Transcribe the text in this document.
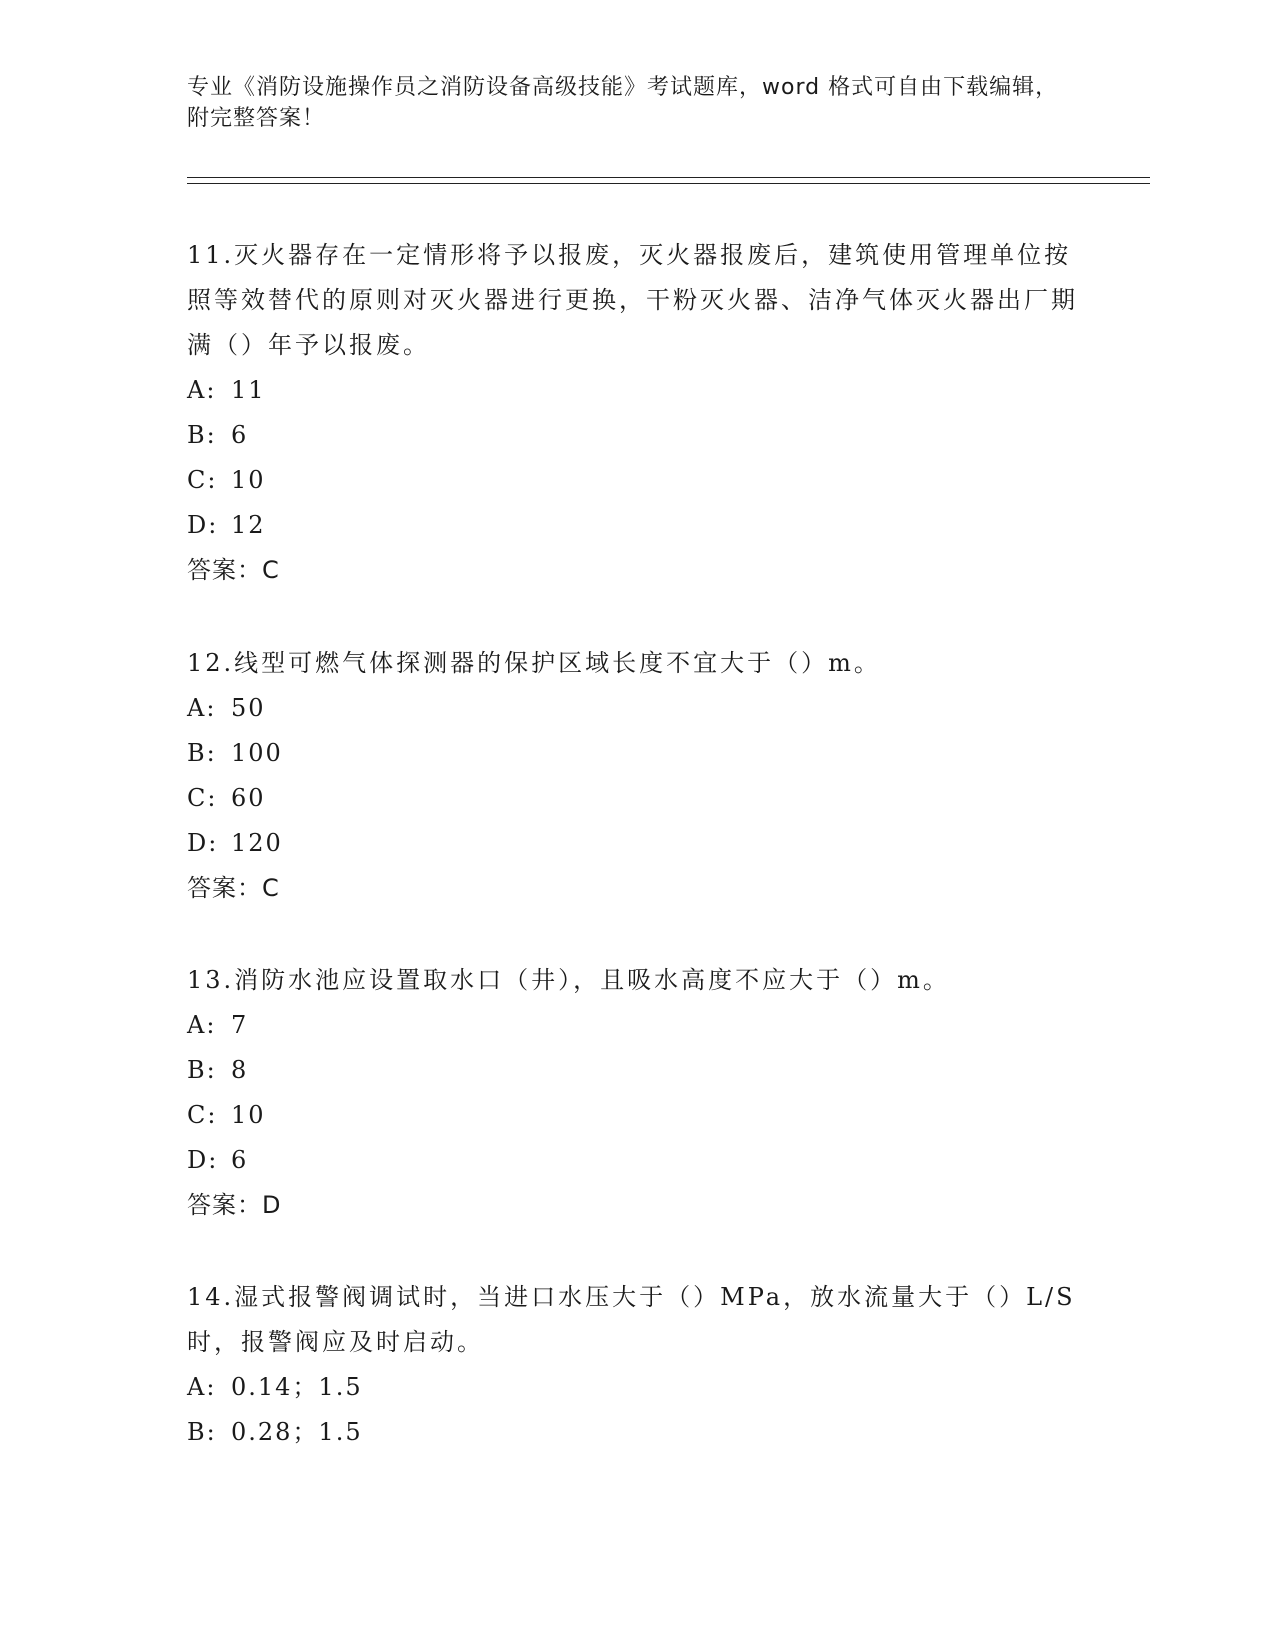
专业《消防设施操作员之消防设备高级技能》考试题库，word 格式可自由下载编辑，附完整答案！

11.灭火器存在一定情形将予以报废，灭火器报废后，建筑使用管理单位按照等效替代的原则对灭火器进行更换，干粉灭火器、洁净气体灭火器出厂期满（）年予以报废。

A: 11
B: 6
C: 10
D: 12
答案：C

12.线型可燃气体探测器的保护区域长度不宜大于（）m。

A: 50
B: 100
C: 60
D: 120
答案：C

13.消防水池应设置取水口（井），且吸水高度不应大于（）m。

A: 7
B: 8
C: 10
D: 6
答案：D

14.湿式报警阀调试时，当进口水压大于（）MPa，放水流量大于（）L/S 时，报警阀应及时启动。

A: 0.14；1.5
B: 0.28；1.5
